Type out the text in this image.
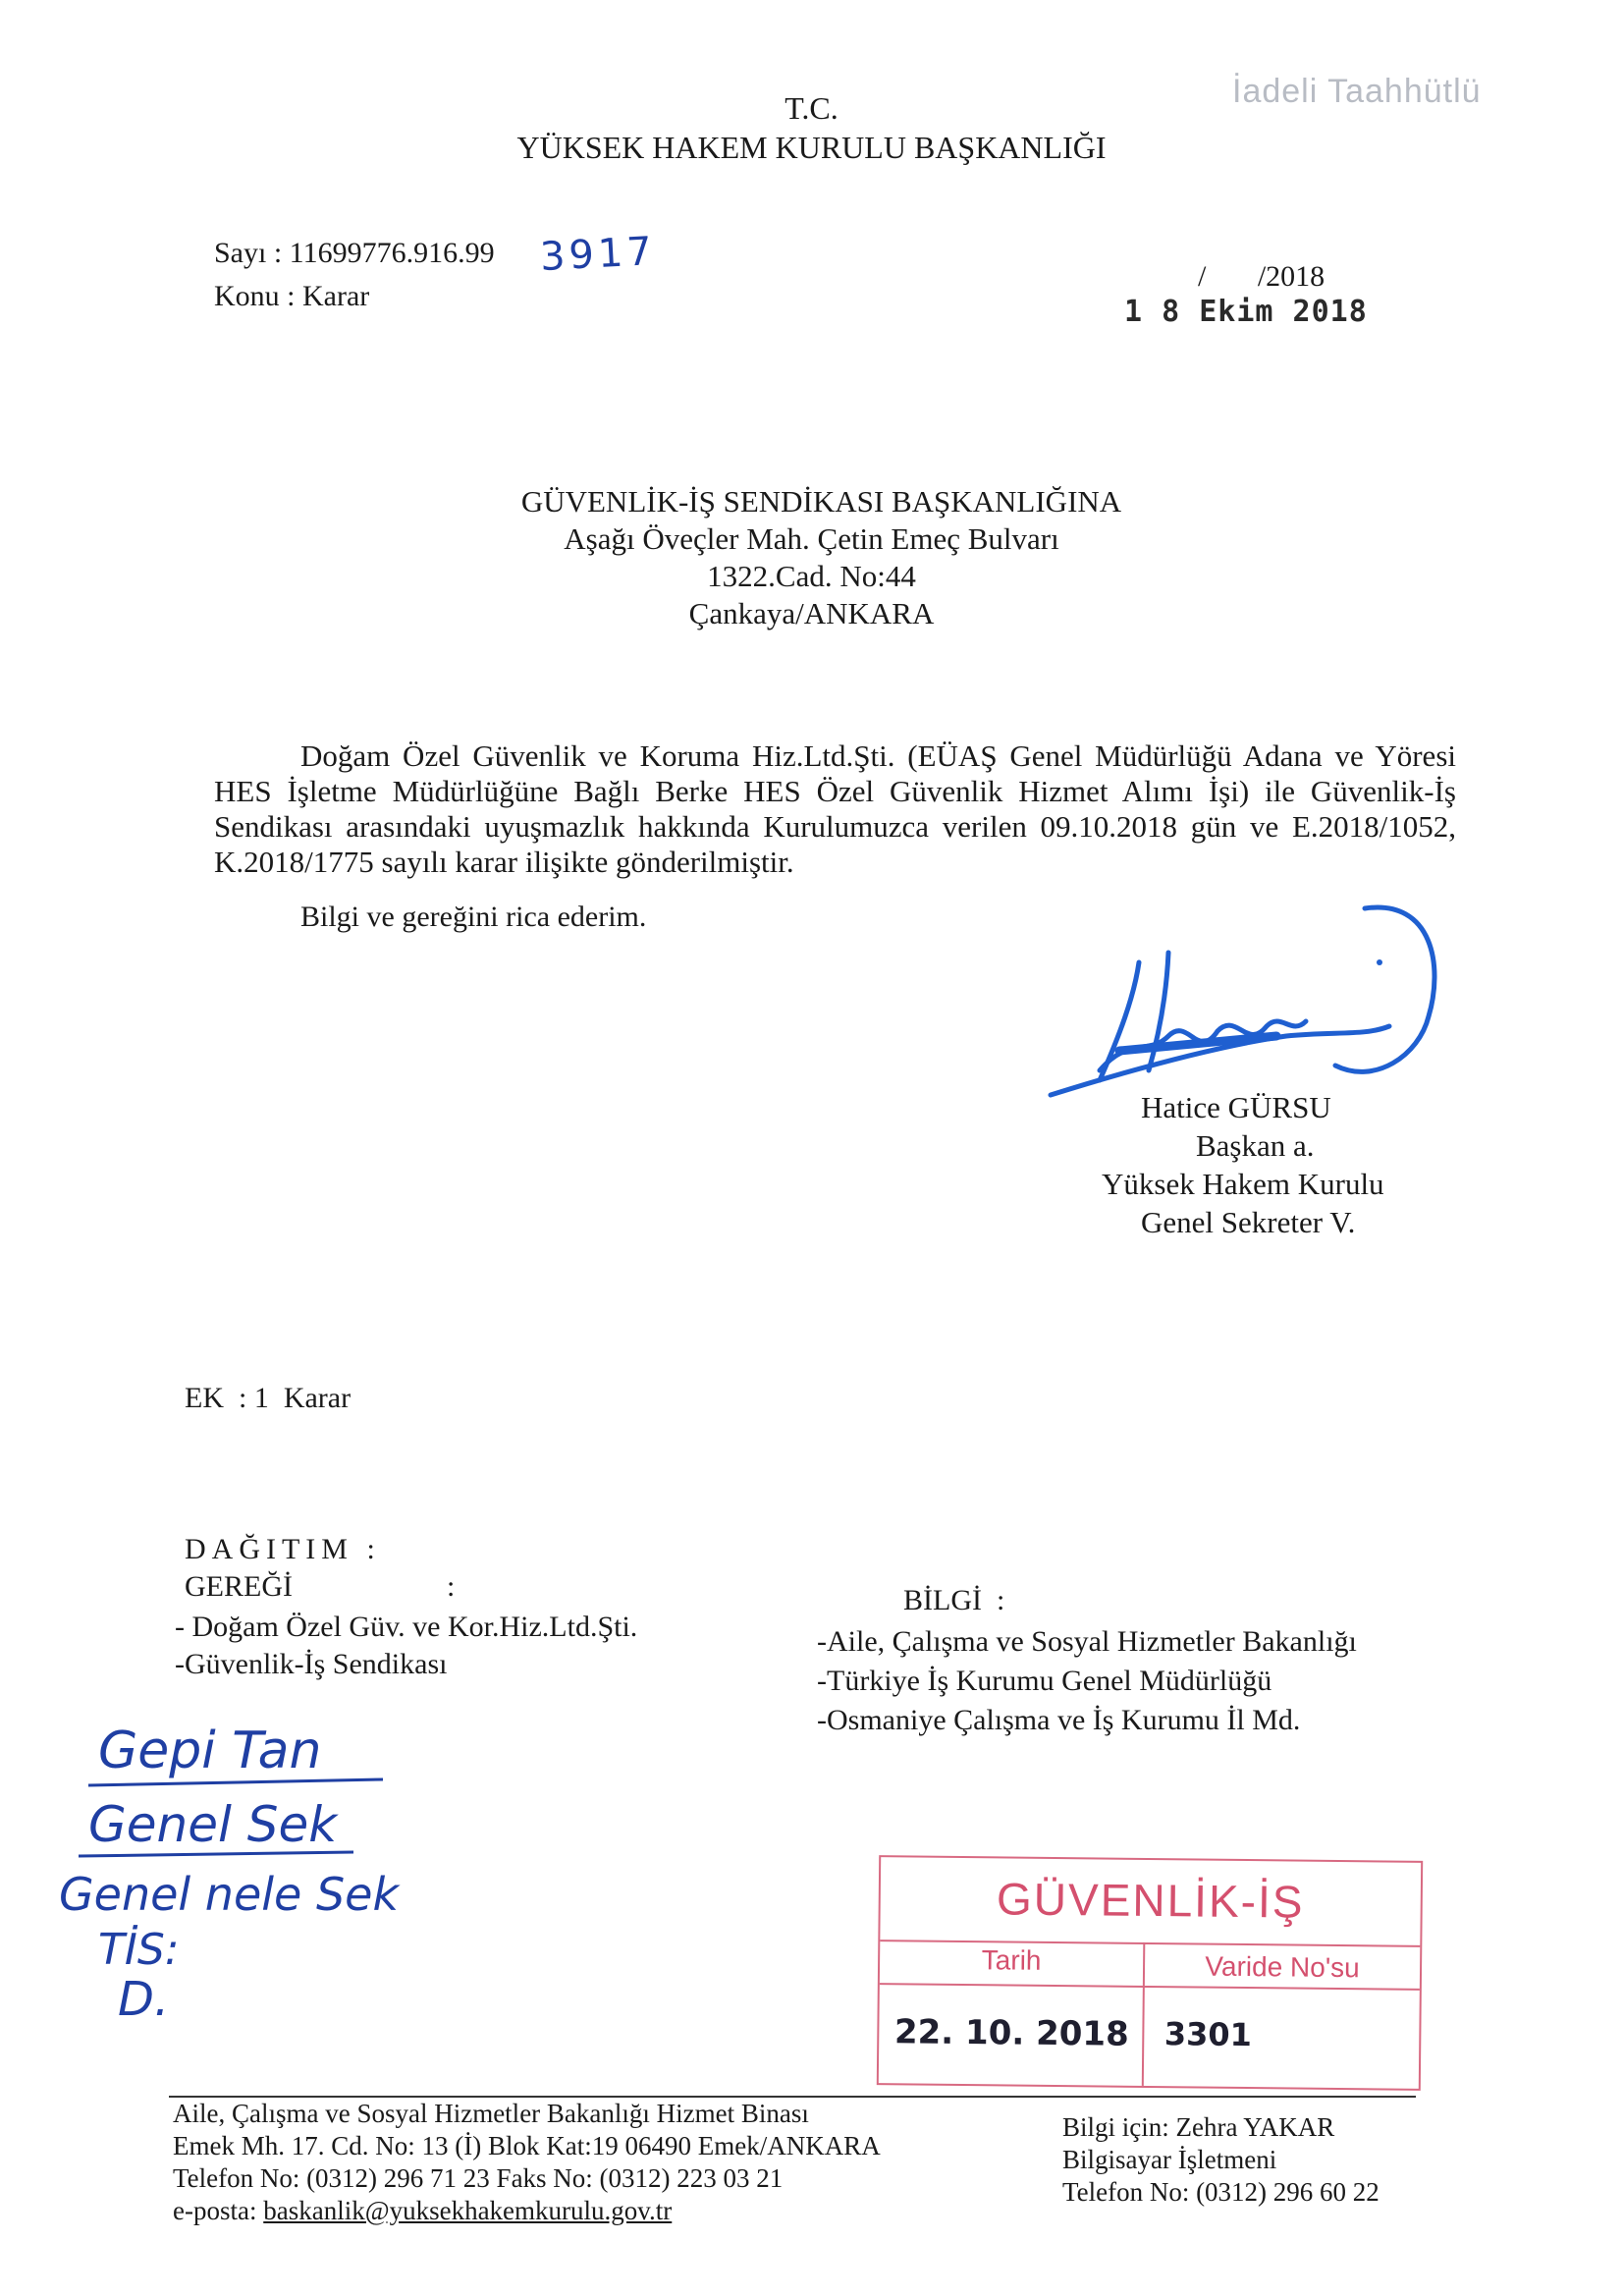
İadeli Taahhütlü
T.C.
YÜKSEK HAKEM KURULU BAŞKANLIĞI
Sayı : 11699776.916.99 3917
Konu : Karar
/       /2018
1 8 Ekim 2018
GÜVENLİK-İŞ SENDİKASI BAŞKANLIĞINA
Aşağı Öveçler Mah. Çetin Emeç Bulvarı
1322.Cad. No:44
Çankaya/ANKARA

Doğam Özel Güvenlik ve Koruma Hiz.Ltd.Şti. (EÜAŞ Genel Müdürlüğü Adana ve Yöresi HES İşletme Müdürlüğüne Bağlı Berke HES Özel Güvenlik Hizmet Alımı İşi) ile Güvenlik-İş Sendikası arasındaki uyuşmazlık hakkında Kurulumuzca verilen 09.10.2018 gün ve E.2018/1052, K.2018/1775 sayılı karar ilişikte gönderilmiştir.

Bilgi ve gereğini rica ederim.
Hatice GÜRSU
Başkan a.
Yüksek Hakem Kurulu
Genel Sekreter V.
EK  : 1  Karar
DAĞITIM :
GEREĞİ	:
- Doğam Özel Güv. ve Kor.Hiz.Ltd.Şti.
-Güvenlik-İş Sendikası
BİLGİ  :
-Aile, Çalışma ve Sosyal Hizmetler Bakanlığı
-Türkiye İş Kurumu Genel Müdürlüğü
-Osmaniye Çalışma ve İş Kurumu İl Md.
Gepi Tan
Genel Sek
Genel nele Sek
TİS:
D.
GÜVENLİK-İŞ
Tarih	Varide No'su
22. 10. 2018	3301
Aile, Çalışma ve Sosyal Hizmetler Bakanlığı Hizmet Binası
Emek Mh. 17. Cd. No: 13 (İ) Blok Kat:19 06490 Emek/ANKARA
Telefon No: (0312) 296 71 23 Faks No: (0312) 223 03 21
e-posta: baskanlik@yuksekhakemkurulu.gov.tr
Bilgi için: Zehra YAKAR
Bilgisayar İşletmeni
Telefon No: (0312) 296 60 22
